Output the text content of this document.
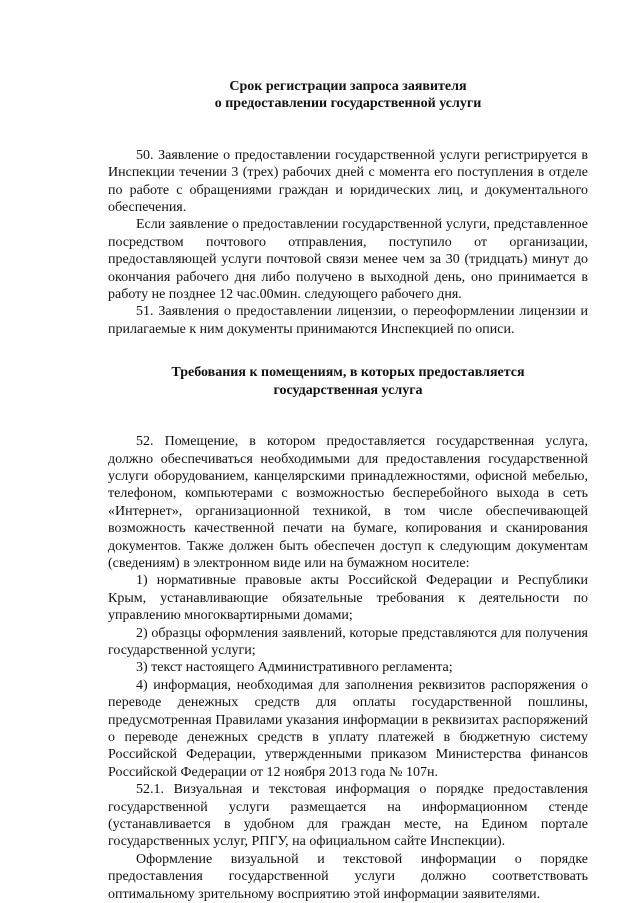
Срок регистрации запроса заявителя
о предоставлении государственной услуги

50. Заявление о предоставлении государственной услуги регистрируется в Инспекции течении 3 (трех) рабочих дней с момента его поступления в отделе по работе с обращениями граждан и юридических лиц, и документального обеспечения.

Если заявление о предоставлении государственной услуги, представленное посредством почтового отправления, поступило от организации, предоставляющей услуги почтовой связи менее чем за 30 (тридцать) минут до окончания рабочего дня либо получено в выходной день, оно принимается в работу не позднее 12 час.00мин. следующего рабочего дня.

51. Заявления о предоставлении лицензии, о переоформлении лицензии и прилагаемые к ним документы принимаются Инспекцией по описи.

Требования к помещениям, в которых предоставляется
государственная услуга

52. Помещение, в котором предоставляется государственная услуга, должно обеспечиваться необходимыми для предоставления государственной услуги оборудованием, канцелярскими принадлежностями, офисной мебелью, телефоном, компьютерами с возможностью бесперебойного выхода в сеть «Интернет», организационной техникой, в том числе обеспечивающей возможность качественной печати на бумаге, копирования и сканирования документов. Также должен быть обеспечен доступ к следующим документам (сведениям) в электронном виде или на бумажном носителе:

1) нормативные правовые акты Российской Федерации и Республики Крым, устанавливающие обязательные требования к деятельности по управлению многоквартирными домами;

2) образцы оформления заявлений, которые представляются для получения государственной услуги;

3) текст настоящего Административного регламента;

4) информация, необходимая для заполнения реквизитов распоряжения о переводе денежных средств для оплаты государственной пошлины, предусмотренная Правилами указания информации в реквизитах распоряжений о переводе денежных средств в уплату платежей в бюджетную систему Российской Федерации, утвержденными приказом Министерства финансов Российской Федерации от 12 ноября 2013 года № 107н.

52.1. Визуальная и текстовая информация о порядке предоставления государственной услуги размещается на информационном стенде (устанавливается в удобном для граждан месте, на Едином портале государственных услуг, РПГУ, на официальном сайте Инспекции).

Оформление визуальной и текстовой информации о порядке предоставления государственной услуги должно соответствовать оптимальному зрительному восприятию этой информации заявителями.
